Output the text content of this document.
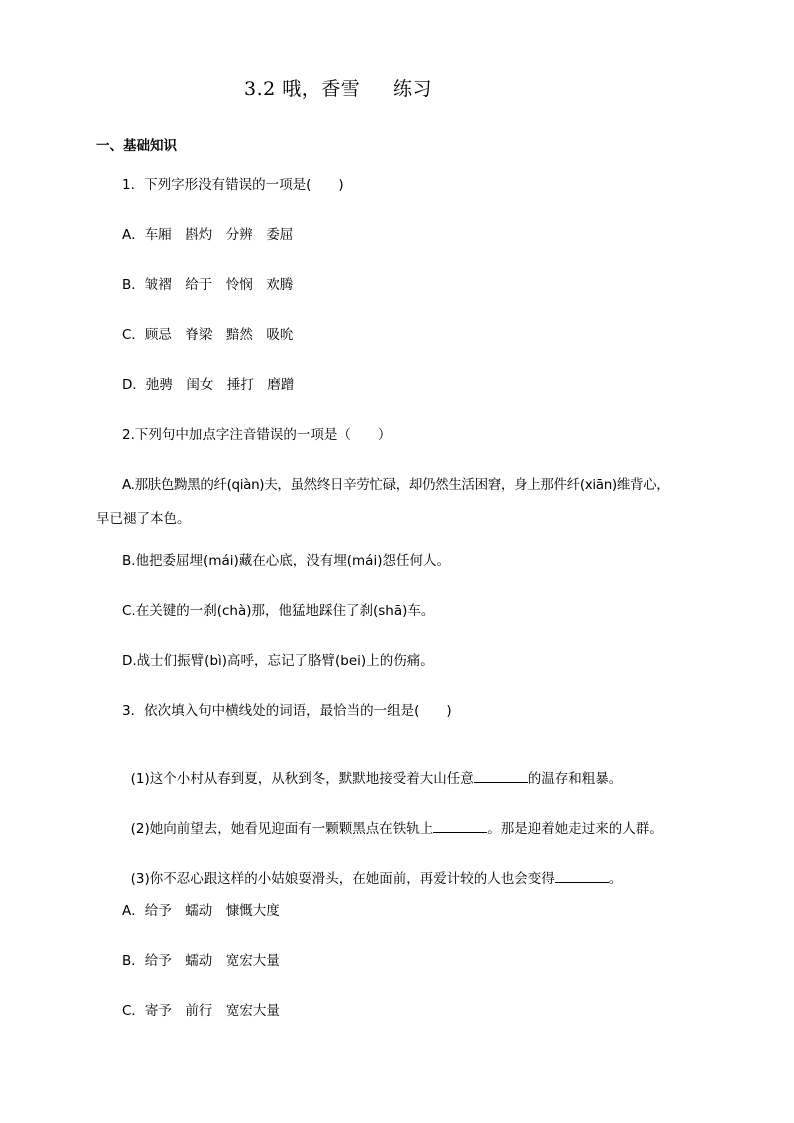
3.2 哦，香雪     练习
一、基础知识
1．下列字形没有错误的一项是(　　)
A．车厢　斟灼　分辨　委屈
B．皱褶　给于　怜悯　欢腾
C．顾忌　脊梁　黯然　吸吮
D．弛骋　闺女　捶打　磨蹭
2.下列句中加点字注音错误的一项是（　　）
A.那肤色黝黑的纤(qiàn)夫，虽然终日辛劳忙碌，却仍然生活困窘，身上那件纤(xiān)维背心，
早已褪了本色。
B.他把委屈埋(mái)藏在心底，没有埋(mái)怨任何人。
C.在关键的一刹(chà)那，他猛地踩住了刹(shā)车。
D.战士们振臂(bì)高呼，忘记了胳臂(bei)上的伤痛。
3．依次填入句中横线处的词语，最恰当的一组是(　　)

(1)这个小村从春到夏，从秋到冬，默默地接受着大山任意	的温存和粗暴。

(2)她向前望去，她看见迎面有一颗颗黑点在铁轨上	。那是迎着她走过来的人群。

(3)你不忍心跟这样的小姑娘耍滑头，在她面前，再爱计较的人也会变得	。

A．给予　蠕动　慷慨大度
B．给予　蠕动　宽宏大量
C．寄予　前行　宽宏大量
